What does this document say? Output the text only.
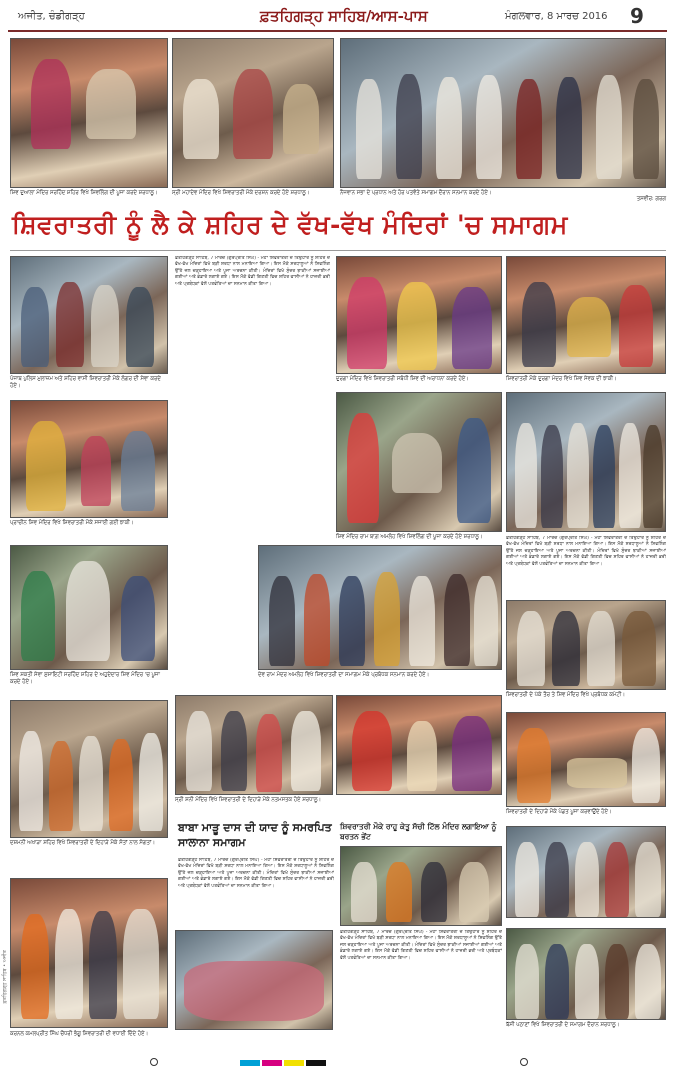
ਅਜੀਤ, ਚੰਡੀਗੜ੍ਹ	ਫ਼ਤਹਿਗੜ੍ਹ ਸਾਹਿਬ/ਆਸ-ਪਾਸ	ਮੰਗਲਵਾਰ, 8 ਮਾਰਚ 2016 9
ਸ਼ਿਵ ਦੁਆਲਾ ਮੰਦਿਰ ਸਰਹਿੰਦ ਸ਼ਹਿਰ ਵਿਖੇ ਸ਼ਿਵਲਿੰਗ ਦੀ ਪੂਜਾ ਕਰਦੇ ਸ਼ਰਧਾਲੂ।	ਸ੍ਰੀ ਮਹਾਦੇਵ ਮੰਦਿਰ ਵਿਖੇ ਸ਼ਿਵਰਾਤਰੀ ਮੌਕੇ ਦਰਸ਼ਨ ਕਰਦੇ ਹੋਏ ਸ਼ਰਧਾਲੂ।	ਨੌਜਵਾਨ ਸਭਾ ਦੇ ਪ੍ਰਧਾਨ ਅਤੇ ਹੋਰ ਪਤਵੰਤੇ ਸਮਾਗਮ ਦੌਰਾਨ ਸਨਮਾਨ ਕਰਦੇ ਹੋਏ।
ਤਸਵੀਰ: ਗਰਗ
ਸ਼ਿਵਰਾਤਰੀ ਨੂੰ ਲੈ ਕੇ ਸ਼ਹਿਰ ਦੇ ਵੱਖ-ਵੱਖ ਮੰਦਿਰਾਂ 'ਚ ਸਮਾਗਮ
ਪੰਜਾਬ ਪੁਲਿਸ ਮੁਲਾਜ਼ਮ ਅਤੇ ਸ਼ਹਿਰ ਵਾਸੀ ਸ਼ਿਵਰਾਤਰੀ ਮੌਕੇ ਲੰਗਰ ਦੀ ਸੇਵਾ ਕਰਦੇ ਹੋਏ।
ਪ੍ਰਾਚੀਨ ਸ਼ਿਵ ਮੰਦਿਰ ਵਿਖੇ ਸ਼ਿਵਰਾਤਰੀ ਮੌਕੇ ਸਜਾਈ ਗਈ ਝਾਕੀ।
ਸ਼ਿਵ ਸ਼ਕਤੀ ਸੇਵਾ ਸੁਸਾਇਟੀ ਸਰਹਿੰਦ ਸ਼ਹਿਰ ਦੇ ਅਹੁਦੇਦਾਰ ਸ਼ਿਵ ਮੰਦਿਰ 'ਚ ਪੂਜਾ ਕਰਦੇ ਹੋਏ।
ਦਸ਼ਮਨੀ ਅਖਾੜਾ ਸ਼ਹਿਰ ਵਿਖੇ ਸ਼ਿਵਰਾਤਰੀ ਦੇ ਦਿਹਾੜੇ ਮੌਕੇ ਸੰਤਾਂ ਨਾਲ ਸੰਗਤਾਂ।
ਕਰਨਲ ਕਮਲਪ੍ਰੀਤ ਸਿੰਘ ਚੌਧਰੀ ਭੰਗੂ ਸ਼ਿਵਰਾਤਰੀ ਦੀ ਵਧਾਈ ਦਿੰਦੇ ਹੋਏ।
ਫ਼ਤਹਿਗੜ੍ਹ ਸਾਹਿਬ, 7 ਮਾਰਚ (ਗੁਰਪ੍ਰੀਤ ਸਿੰਘ) - ਮਹਾਂ ਸ਼ਿਵਰਾਤਰੀ ਦੇ ਤਿਉਹਾਰ ਨੂੰ ਸ਼ਹਿਰ ਦੇ ਵੱਖ-ਵੱਖ ਮੰਦਿਰਾਂ ਵਿਖੇ ਬੜੀ ਸ਼ਰਧਾ ਨਾਲ ਮਨਾਇਆ ਗਿਆ। ਇਸ ਮੌਕੇ ਸ਼ਰਧਾਲੂਆਂ ਨੇ ਸ਼ਿਵਲਿੰਗ ਉੱਤੇ ਜਲ ਚੜ੍ਹਾਇਆ ਅਤੇ ਪੂਜਾ ਅਰਚਨਾ ਕੀਤੀ। ਮੰਦਿਰਾਂ ਵਿਖੇ ਸੁੰਦਰ ਝਾਕੀਆਂ ਸਜਾਈਆਂ ਗਈਆਂ ਅਤੇ ਭੰਡਾਰੇ ਲਗਾਏ ਗਏ। ਇਸ ਮੌਕੇ ਵੱਡੀ ਗਿਣਤੀ ਵਿਚ ਸ਼ਹਿਰ ਵਾਸੀਆਂ ਨੇ ਹਾਜ਼ਰੀ ਭਰੀ ਅਤੇ ਪ੍ਰਬੰਧਕਾਂ ਵੱਲੋਂ ਪਤਵੰਤਿਆਂ ਦਾ ਸਨਮਾਨ ਕੀਤਾ ਗਿਆ।
ਦੁਰਗਾ ਮੰਦਿਰ ਵਿਖੇ ਸ਼ਿਵਰਾਤਰੀ ਸਬੰਧੀ ਸ਼ਿਵ ਦੀ ਅਰਾਧਨਾ ਕਰਦੇ ਹੋਏ।
ਸ਼ਿਵ ਮੰਦਿਰ ਰਾਮ ਬਾਗ਼ ਅਮਲੋਹ ਵਿਖੇ ਸ਼ਿਵਲਿੰਗ ਦੀ ਪੂਜਾ ਕਰਦੇ ਹੋਏ ਸ਼ਰਧਾਲੂ।
ਦੇਵ ਰਾਮ ਮੰਦਰ ਅਮਲੋਹ ਵਿਖੇ ਸ਼ਿਵਰਾਤਰੀ ਦਾ ਸਮਾਗਮ ਮੌਕੇ ਪ੍ਰਬੰਧਕ ਸਨਮਾਨ ਕਰਦੇ ਹੋਏ।
ਸ੍ਰੀ ਸ਼ਨੀ ਮੰਦਿਰ ਵਿਖੇ ਸ਼ਿਵਰਾਤਰੀ ਦੇ ਦਿਹਾੜੇ ਮੌਕੇ ਨਤਮਸਤਕ ਹੋਏ ਸ਼ਰਧਾਲੂ।
ਬਾਬਾ ਮਾੜੂ ਦਾਸ ਦੀ ਯਾਦ ਨੂੰ ਸਮਰਪਿਤ ਸਾਲਾਨਾ ਸਮਾਗਮ
ਫ਼ਤਹਿਗੜ੍ਹ ਸਾਹਿਬ, 7 ਮਾਰਚ (ਗੁਰਪ੍ਰੀਤ ਸਿੰਘ) - ਮਹਾਂ ਸ਼ਿਵਰਾਤਰੀ ਦੇ ਤਿਉਹਾਰ ਨੂੰ ਸ਼ਹਿਰ ਦੇ ਵੱਖ-ਵੱਖ ਮੰਦਿਰਾਂ ਵਿਖੇ ਬੜੀ ਸ਼ਰਧਾ ਨਾਲ ਮਨਾਇਆ ਗਿਆ। ਇਸ ਮੌਕੇ ਸ਼ਰਧਾਲੂਆਂ ਨੇ ਸ਼ਿਵਲਿੰਗ ਉੱਤੇ ਜਲ ਚੜ੍ਹਾਇਆ ਅਤੇ ਪੂਜਾ ਅਰਚਨਾ ਕੀਤੀ। ਮੰਦਿਰਾਂ ਵਿਖੇ ਸੁੰਦਰ ਝਾਕੀਆਂ ਸਜਾਈਆਂ ਗਈਆਂ ਅਤੇ ਭੰਡਾਰੇ ਲਗਾਏ ਗਏ। ਇਸ ਮੌਕੇ ਵੱਡੀ ਗਿਣਤੀ ਵਿਚ ਸ਼ਹਿਰ ਵਾਸੀਆਂ ਨੇ ਹਾਜ਼ਰੀ ਭਰੀ ਅਤੇ ਪ੍ਰਬੰਧਕਾਂ ਵੱਲੋਂ ਪਤਵੰਤਿਆਂ ਦਾ ਸਨਮਾਨ ਕੀਤਾ ਗਿਆ।
ਸ਼ਿਵਰਾਤਰੀ ਮੌਕੇ ਰਾਹੂ ਕੇਤੂ ਸੱਚੀ ਟਿੱਲ ਮੰਦਿਰ ਲਗਾਇਆ ਨੂੰ ਬਰਤਨ ਭੇਂਟ
ਫ਼ਤਹਿਗੜ੍ਹ ਸਾਹਿਬ, 7 ਮਾਰਚ (ਗੁਰਪ੍ਰੀਤ ਸਿੰਘ) - ਮਹਾਂ ਸ਼ਿਵਰਾਤਰੀ ਦੇ ਤਿਉਹਾਰ ਨੂੰ ਸ਼ਹਿਰ ਦੇ ਵੱਖ-ਵੱਖ ਮੰਦਿਰਾਂ ਵਿਖੇ ਬੜੀ ਸ਼ਰਧਾ ਨਾਲ ਮਨਾਇਆ ਗਿਆ। ਇਸ ਮੌਕੇ ਸ਼ਰਧਾਲੂਆਂ ਨੇ ਸ਼ਿਵਲਿੰਗ ਉੱਤੇ ਜਲ ਚੜ੍ਹਾਇਆ ਅਤੇ ਪੂਜਾ ਅਰਚਨਾ ਕੀਤੀ। ਮੰਦਿਰਾਂ ਵਿਖੇ ਸੁੰਦਰ ਝਾਕੀਆਂ ਸਜਾਈਆਂ ਗਈਆਂ ਅਤੇ ਭੰਡਾਰੇ ਲਗਾਏ ਗਏ। ਇਸ ਮੌਕੇ ਵੱਡੀ ਗਿਣਤੀ ਵਿਚ ਸ਼ਹਿਰ ਵਾਸੀਆਂ ਨੇ ਹਾਜ਼ਰੀ ਭਰੀ ਅਤੇ ਪ੍ਰਬੰਧਕਾਂ ਵੱਲੋਂ ਪਤਵੰਤਿਆਂ ਦਾ ਸਨਮਾਨ ਕੀਤਾ ਗਿਆ।
ਸ਼ਿਵਰਾਤਰੀ ਮੌਕੇ ਦੁਰਗਾ ਮੰਦਰ ਵਿਖੇ ਸ਼ਿਵ ਸੇਵਕ ਦੀ ਝਾਕੀ।
ਫ਼ਤਹਿਗੜ੍ਹ ਸਾਹਿਬ, 7 ਮਾਰਚ (ਗੁਰਪ੍ਰੀਤ ਸਿੰਘ) - ਮਹਾਂ ਸ਼ਿਵਰਾਤਰੀ ਦੇ ਤਿਉਹਾਰ ਨੂੰ ਸ਼ਹਿਰ ਦੇ ਵੱਖ-ਵੱਖ ਮੰਦਿਰਾਂ ਵਿਖੇ ਬੜੀ ਸ਼ਰਧਾ ਨਾਲ ਮਨਾਇਆ ਗਿਆ। ਇਸ ਮੌਕੇ ਸ਼ਰਧਾਲੂਆਂ ਨੇ ਸ਼ਿਵਲਿੰਗ ਉੱਤੇ ਜਲ ਚੜ੍ਹਾਇਆ ਅਤੇ ਪੂਜਾ ਅਰਚਨਾ ਕੀਤੀ। ਮੰਦਿਰਾਂ ਵਿਖੇ ਸੁੰਦਰ ਝਾਕੀਆਂ ਸਜਾਈਆਂ ਗਈਆਂ ਅਤੇ ਭੰਡਾਰੇ ਲਗਾਏ ਗਏ। ਇਸ ਮੌਕੇ ਵੱਡੀ ਗਿਣਤੀ ਵਿਚ ਸ਼ਹਿਰ ਵਾਸੀਆਂ ਨੇ ਹਾਜ਼ਰੀ ਭਰੀ ਅਤੇ ਪ੍ਰਬੰਧਕਾਂ ਵੱਲੋਂ ਪਤਵੰਤਿਆਂ ਦਾ ਸਨਮਾਨ ਕੀਤਾ ਗਿਆ।
ਸ਼ਿਵਰਾਤਰੀ ਦੇ ਪੱਕੇ ਤੌਰ ਤੇ ਸ਼ਿਵ ਮੰਦਿਰ ਵਿਖੇ ਪ੍ਰਬੰਧਕ ਕਮੇਟੀ।
ਸ਼ਿਵਰਾਤਰੀ ਦੇ ਦਿਹਾੜੇ ਮੌਕੇ ਪੰਡਤ ਪੂਜਾ ਕਰਵਾਉਂਦੇ ਹੋਏ।
ਬੱਸੀ ਪਠਾਣਾਂ ਵਿਖੇ ਸ਼ਿਵਰਾਤਰੀ ਦੇ ਸਮਾਗਮ ਦੌਰਾਨ ਸ਼ਰਧਾਲੂ।
ਫ਼ਤਹਿਗੜ੍ਹ ਸਾਹਿਬ • ਅਜੀਤ
